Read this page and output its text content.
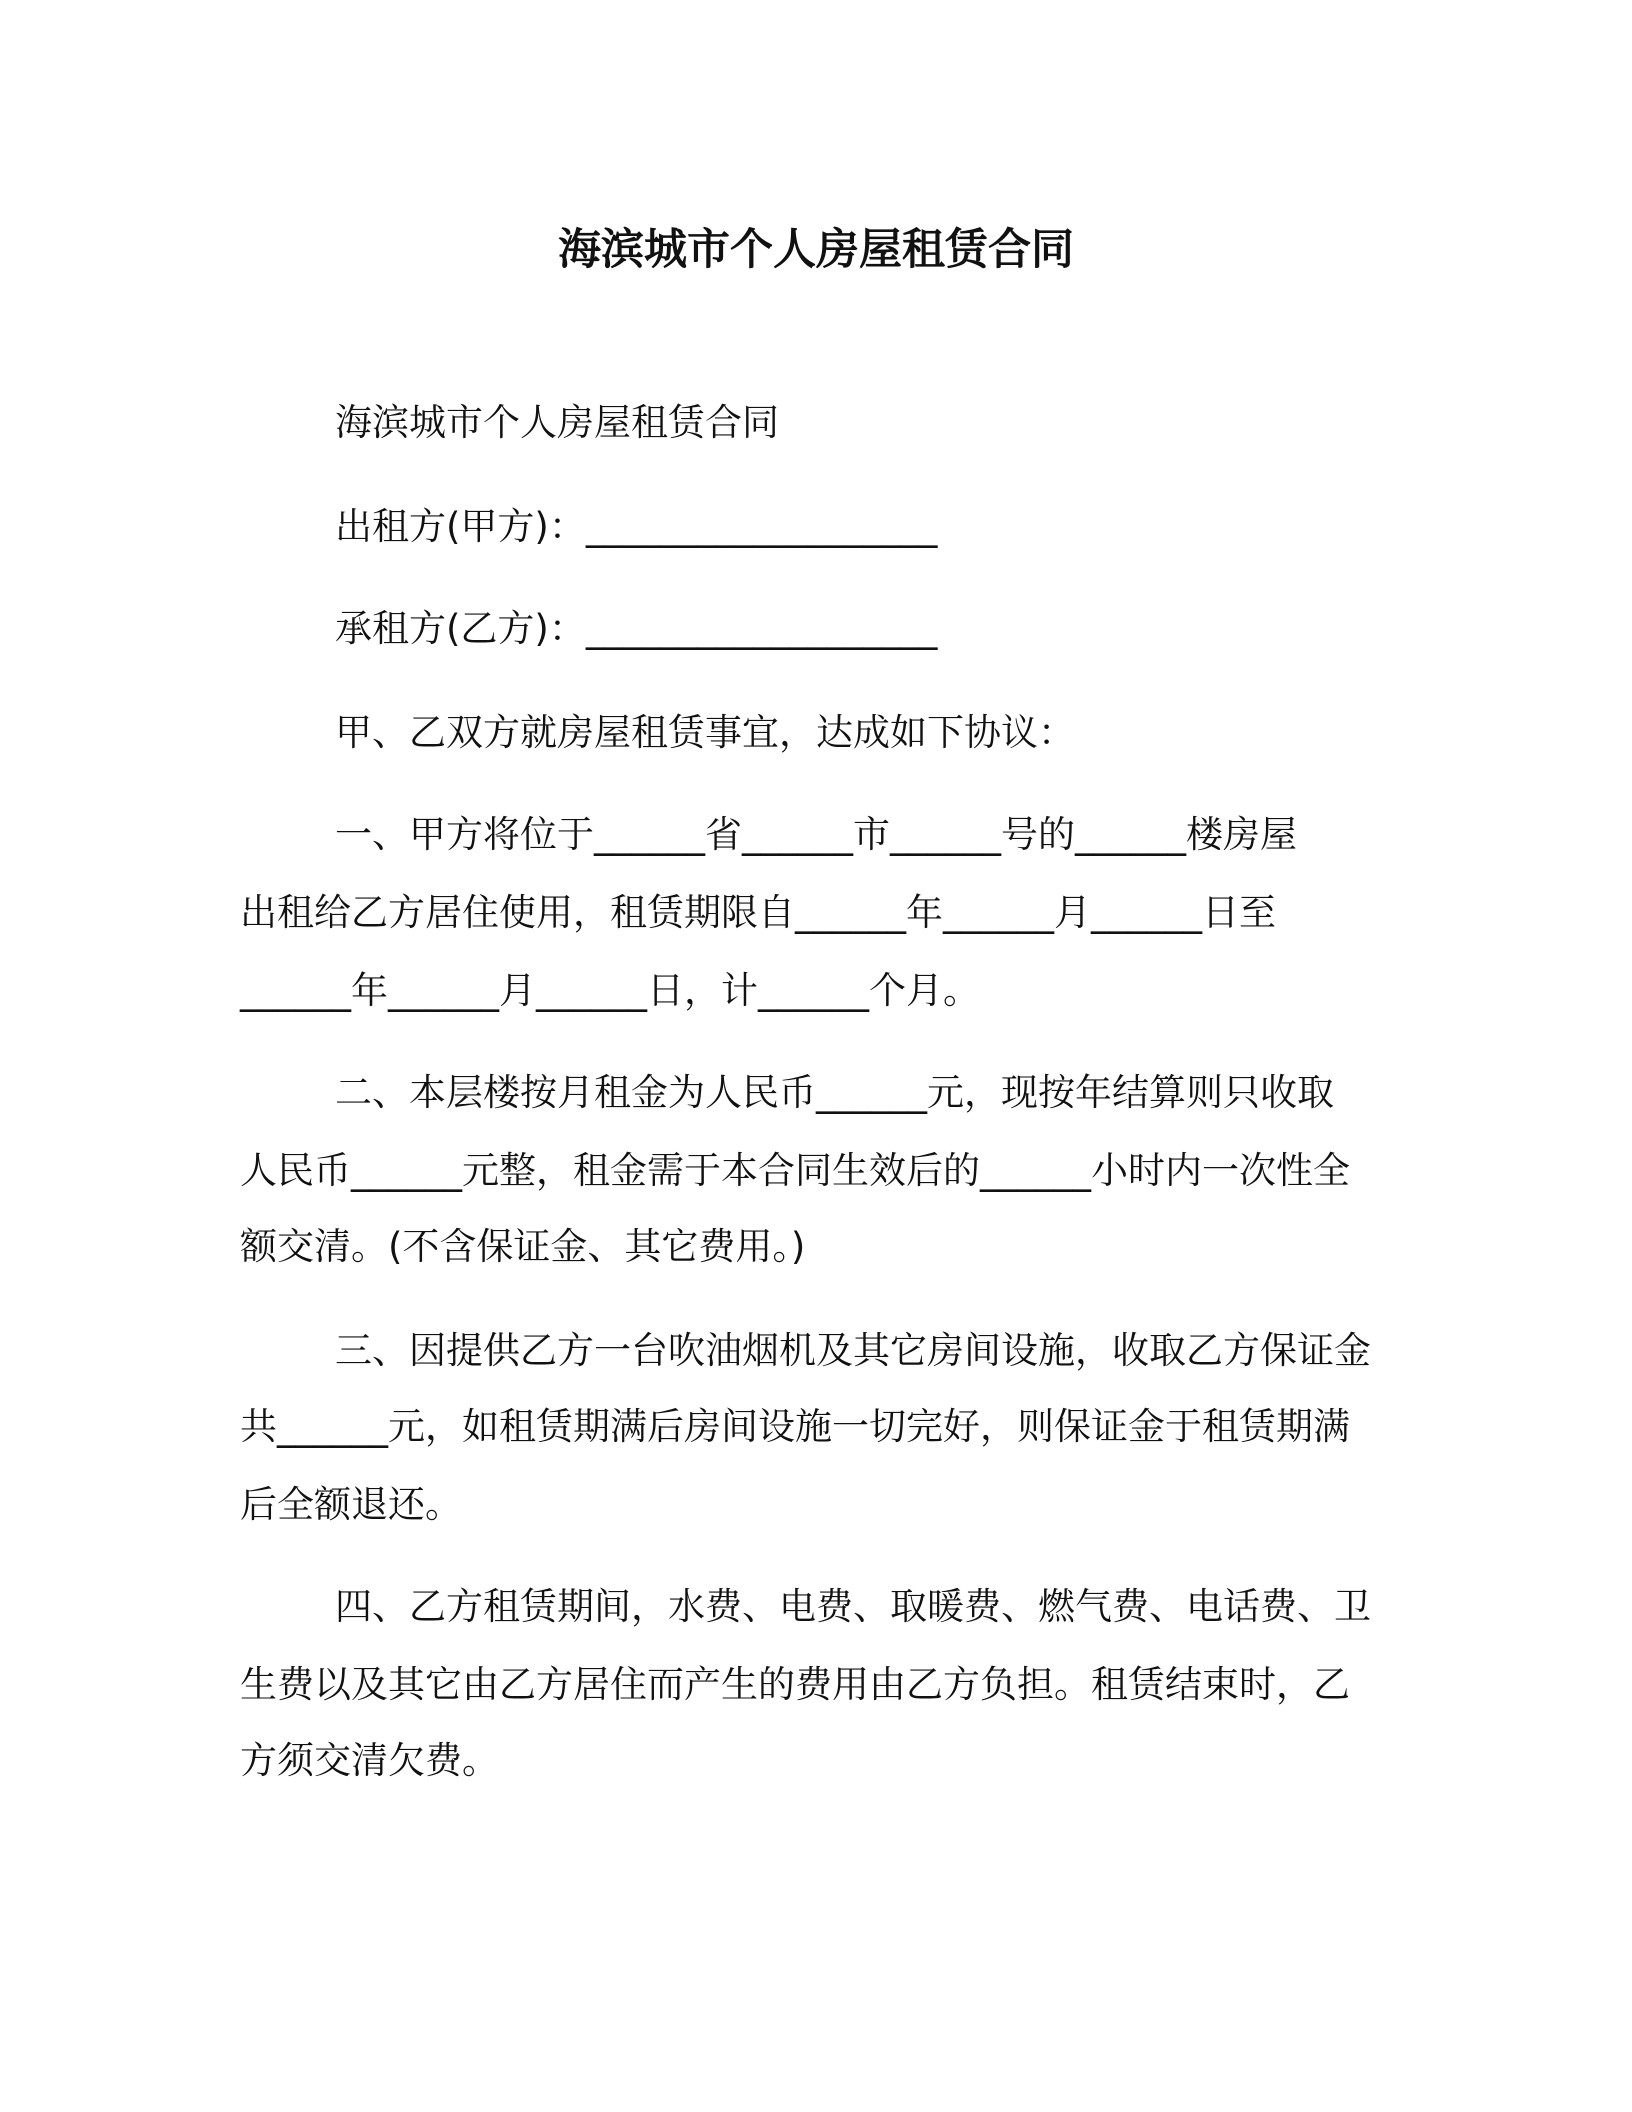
海滨城市个人房屋租赁合同
海滨城市个人房屋租赁合同
出租方(甲方)：___________________
承租方(乙方)：___________________
甲、乙双方就房屋租赁事宜，达成如下协议：
一、甲方将位于______省______市______号的______楼房屋
出租给乙方居住使用，租赁期限自______年______月______日至
______年______月______日，计______个月。
二、本层楼按月租金为人民币______元，现按年结算则只收取
人民币______元整，租金需于本合同生效后的______小时内一次性全
额交清。(不含保证金、其它费用。)
三、因提供乙方一台吹油烟机及其它房间设施，收取乙方保证金
共______元，如租赁期满后房间设施一切完好，则保证金于租赁期满
后全额退还。
四、乙方租赁期间，水费、电费、取暖费、燃气费、电话费、卫
生费以及其它由乙方居住而产生的费用由乙方负担。租赁结束时，乙
方须交清欠费。
